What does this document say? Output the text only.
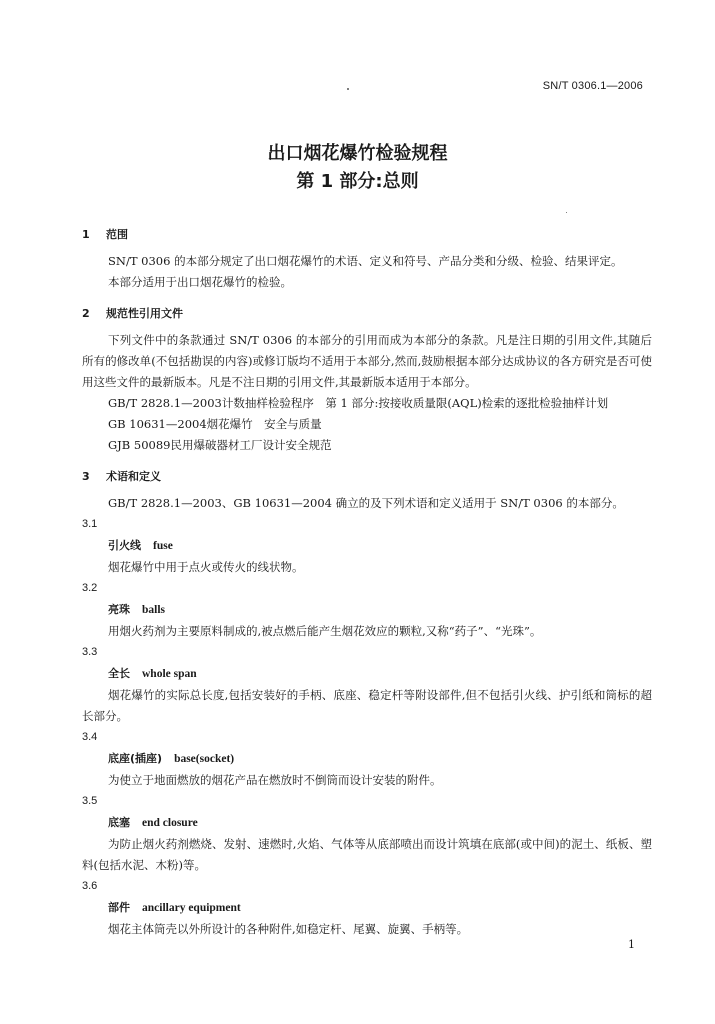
SN/T 0306.1—2006
出口烟花爆竹检验规程
第 1 部分:总则
1 范围

SN/T 0306 的本部分规定了出口烟花爆竹的术语、定义和符号、产品分类和分级、检验、结果评定。

本部分适用于出口烟花爆竹的检验。

2 规范性引用文件

下列文件中的条款通过 SN/T 0306 的本部分的引用而成为本部分的条款。凡是注日期的引用文件,其随后所有的修改单(不包括勘误的内容)或修订版均不适用于本部分,然而,鼓励根据本部分达成协议的各方研究是否可使用这些文件的最新版本。凡是不注日期的引用文件,其最新版本适用于本部分。

GB/T 2828.1—2003计数抽样检验程序　第 1 部分:按接收质量限(AQL)检索的逐批检验抽样计划

GB 10631—2004烟花爆竹　安全与质量

GJB 50089民用爆破器材工厂设计安全规范

3 术语和定义

GB/T 2828.1—2003、GB 10631—2004 确立的及下列术语和定义适用于 SN/T 0306 的本部分。

3.1

引火线 fuse

烟花爆竹中用于点火或传火的线状物。

3.2

亮珠 balls

用烟火药剂为主要原料制成的,被点燃后能产生烟花效应的颗粒,又称“药子”、“光珠”。

3.3

全长 whole span

烟花爆竹的实际总长度,包括安装好的手柄、底座、稳定杆等附设部件,但不包括引火线、护引纸和筒标的超长部分。

3.4

底座(插座) base(socket)

为使立于地面燃放的烟花产品在燃放时不倒筒而设计安装的附件。

3.5

底塞 end closure

为防止烟火药剂燃烧、发射、速燃时,火焰、气体等从底部喷出而设计筑填在底部(或中间)的泥土、纸板、塑料(包括水泥、木粉)等。

3.6

部件 ancillary equipment

烟花主体筒壳以外所设计的各种附件,如稳定杆、尾翼、旋翼、手柄等。

1
